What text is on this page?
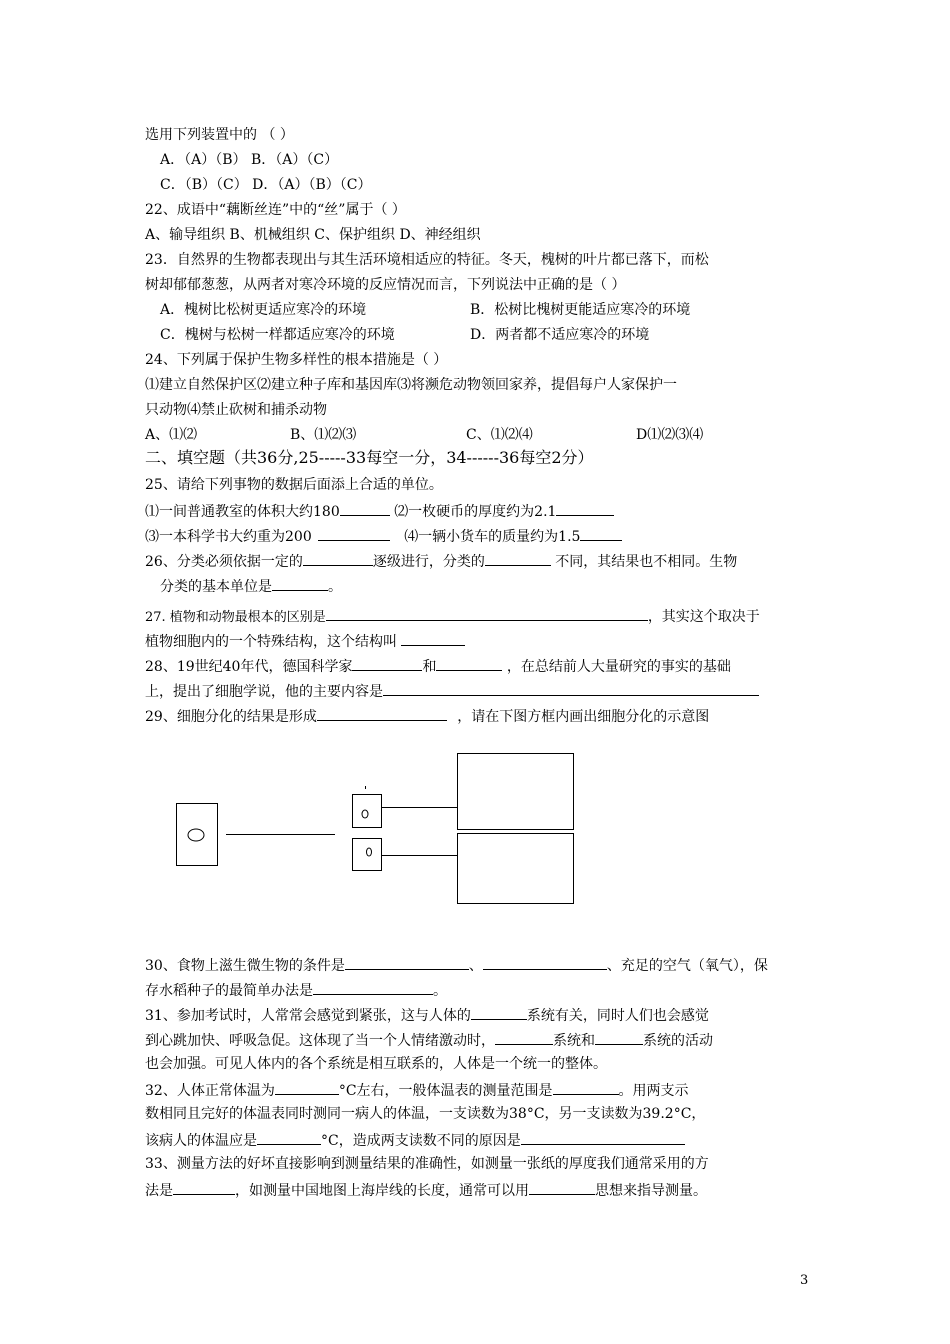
选用下列装置中的 （ ）
A．（A）（B） B．（A）（C）
C．（B）（C） D．（A）（B）（C）
22、成语中“藕断丝连”中的“丝”属于（ ）
A、输导组织 B、机械组织 C、保护组织 D、神经组织
23．自然界的生物都表现出与其生活环境相适应的特征。冬天，槐树的叶片都已落下，而松
树却郁郁葱葱，从两者对寒冷环境的反应情况而言，下列说法中正确的是（ ）
A．槐树比松树更适应寒冷的环境	B．松树比槐树更能适应寒冷的环境
C．槐树与松树一样都适应寒冷的环境	D．两者都不适应寒冷的环境
24、下列属于保护生物多样性的根本措施是（ ）
⑴建立自然保护区⑵建立种子库和基因库⑶将濒危动物领回家养，提倡每户人家保护一
只动物⑷禁止砍树和捕杀动物
A、⑴⑵	B、⑴⑵⑶	C、⑴⑵⑷	D⑴⑵⑶⑷
二、填空题（共36分,25-----33每空一分，34------36每空2分）
25、请给下列事物的数据后面添上合适的单位。
⑴一间普通教室的体积大约180	⑵一枚硬币的厚度约为2.1
⑶一本科学书大约重为200	⑷一辆小货车的质量约为1.5
26、分类必须依据一定的	逐级进行，分类的	不同，其结果也不相同。生物
分类的基本单位是	。
27. 植物和动物最根本的区别是	，其实这个取决于
植物细胞内的一个特殊结构，这个结构叫
28、19世纪40年代，德国科学家	和	，在总结前人大量研究的事实的基础
上，提出了细胞学说，他的主要内容是
29、细胞分化的结果是形成	，请在下图方框内画出细胞分化的示意图
30、食物上滋生微生物的条件是	、	、充足的空气（氧气），保
存水稻种子的最简单办法是	。
31、参加考试时，人常常会感觉到紧张，这与人体的	系统有关，同时人们也会感觉
到心跳加快、呼吸急促。这体现了当一个人情绪激动时，	系统和	系统的活动
也会加强。可见人体内的各个系统是相互联系的，人体是一个统一的整体。
32、人体正常体温为	°C左右，一般体温表的测量范围是	。用两支示
数相同且完好的体温表同时测同一病人的体温，一支读数为38°C，另一支读数为39.2°C，
该病人的体温应是	°C，造成两支读数不同的原因是
33、测量方法的好坏直接影响到测量结果的准确性，如测量一张纸的厚度我们通常采用的方
法是	，如测量中国地图上海岸线的长度，通常可以用	思想来指导测量。
3
